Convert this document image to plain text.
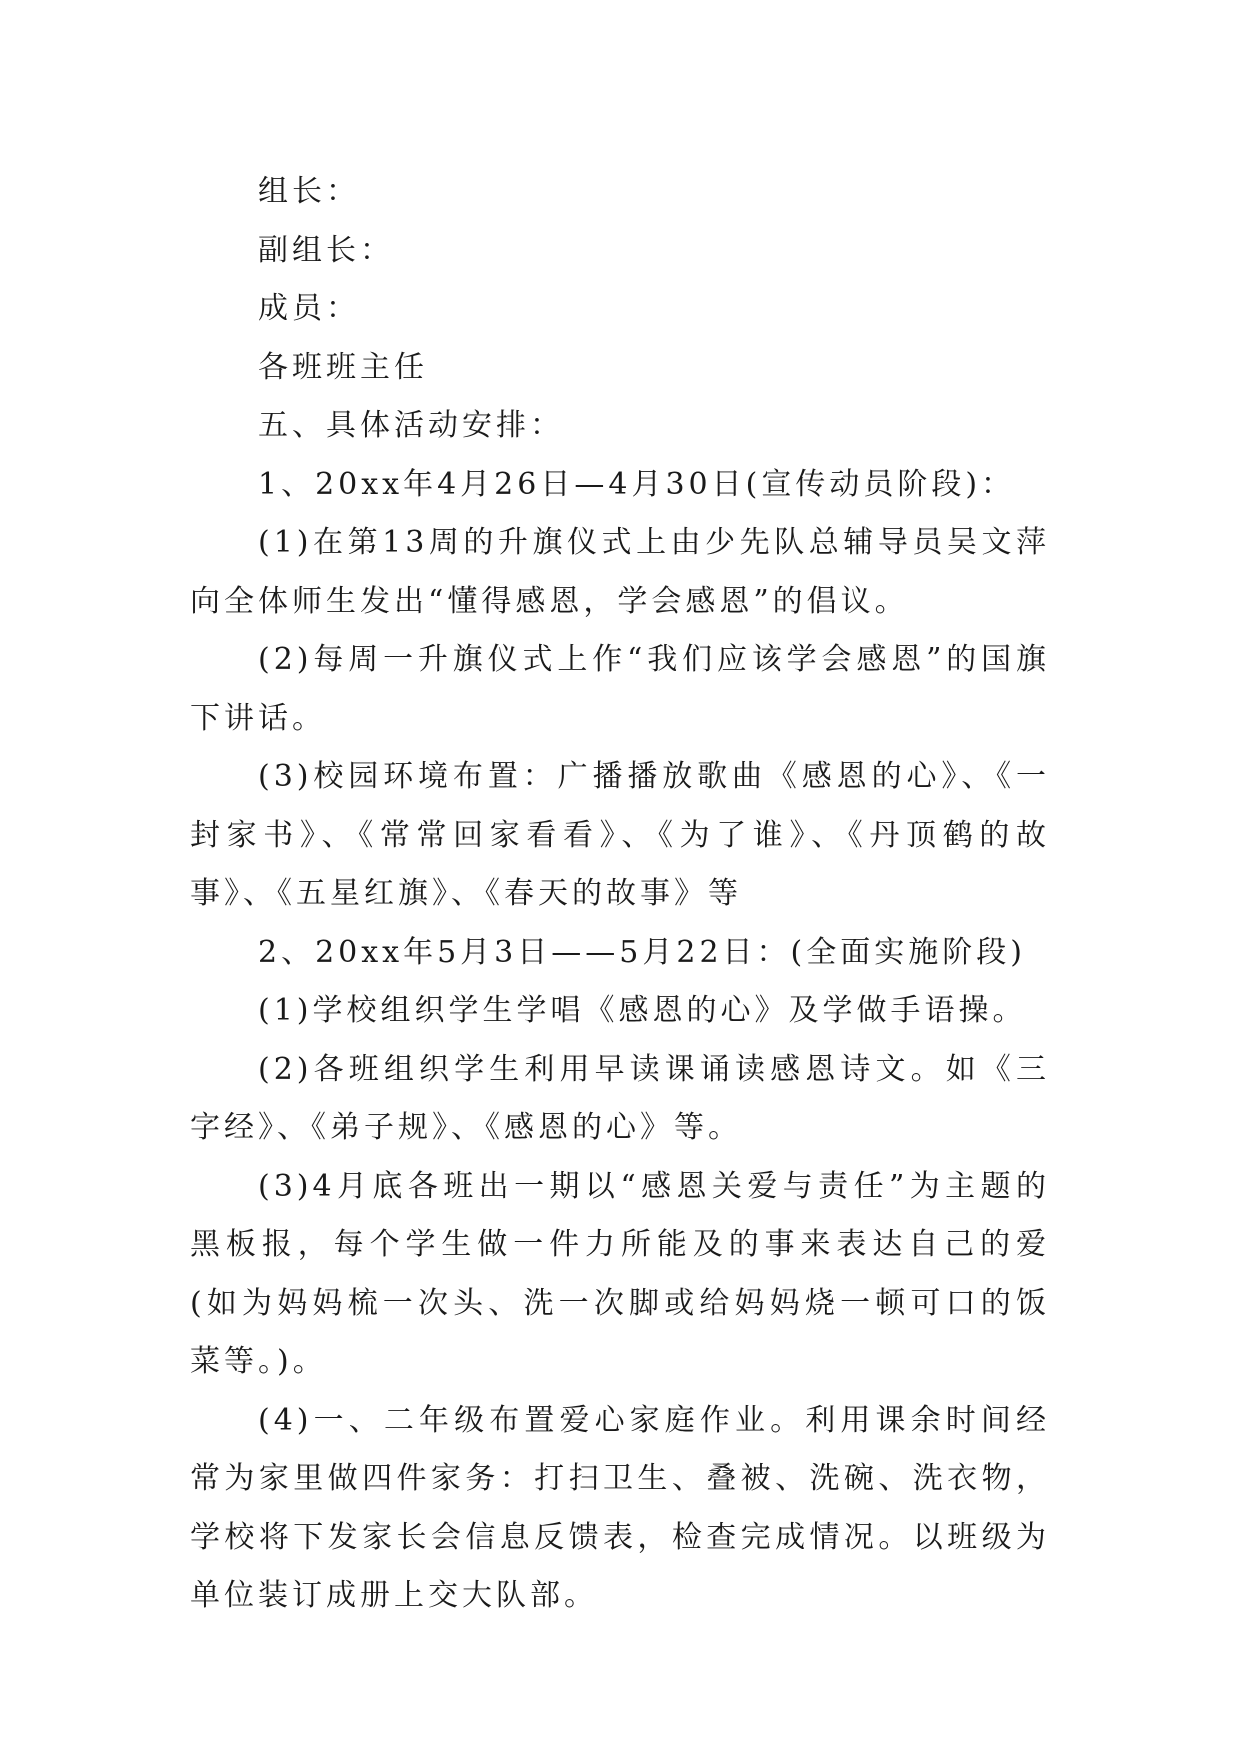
组长：

副组长：

成员：

各班班主任

五、具体活动安排：

1、20xx年4月26日—4月30日(宣传动员阶段)：

(1)在第13周的升旗仪式上由少先队总辅导员吴文萍向全体师生发出“懂得感恩，学会感恩”的倡议。

(2)每周一升旗仪式上作“我们应该学会感恩”的国旗下讲话。

(3)校园环境布置：广播播放歌曲《感恩的心》、《一封家书》、《常常回家看看》、《为了谁》、《丹顶鹤的故事》、《五星红旗》、《春天的故事》等

2、20xx年5月3日——5月22日：(全面实施阶段)

(1)学校组织学生学唱《感恩的心》及学做手语操。

(2)各班组织学生利用早读课诵读感恩诗文。如《三字经》、《弟子规》、《感恩的心》等。

(3)4月底各班出一期以“感恩关爱与责任”为主题的黑板报，每个学生做一件力所能及的事来表达自己的爱(如为妈妈梳一次头、洗一次脚或给妈妈烧一顿可口的饭菜等。)。

(4)一、二年级布置爱心家庭作业。利用课余时间经常为家里做四件家务：打扫卫生、叠被、洗碗、洗衣物，学校将下发家长会信息反馈表，检查完成情况。以班级为单位装订成册上交大队部。
